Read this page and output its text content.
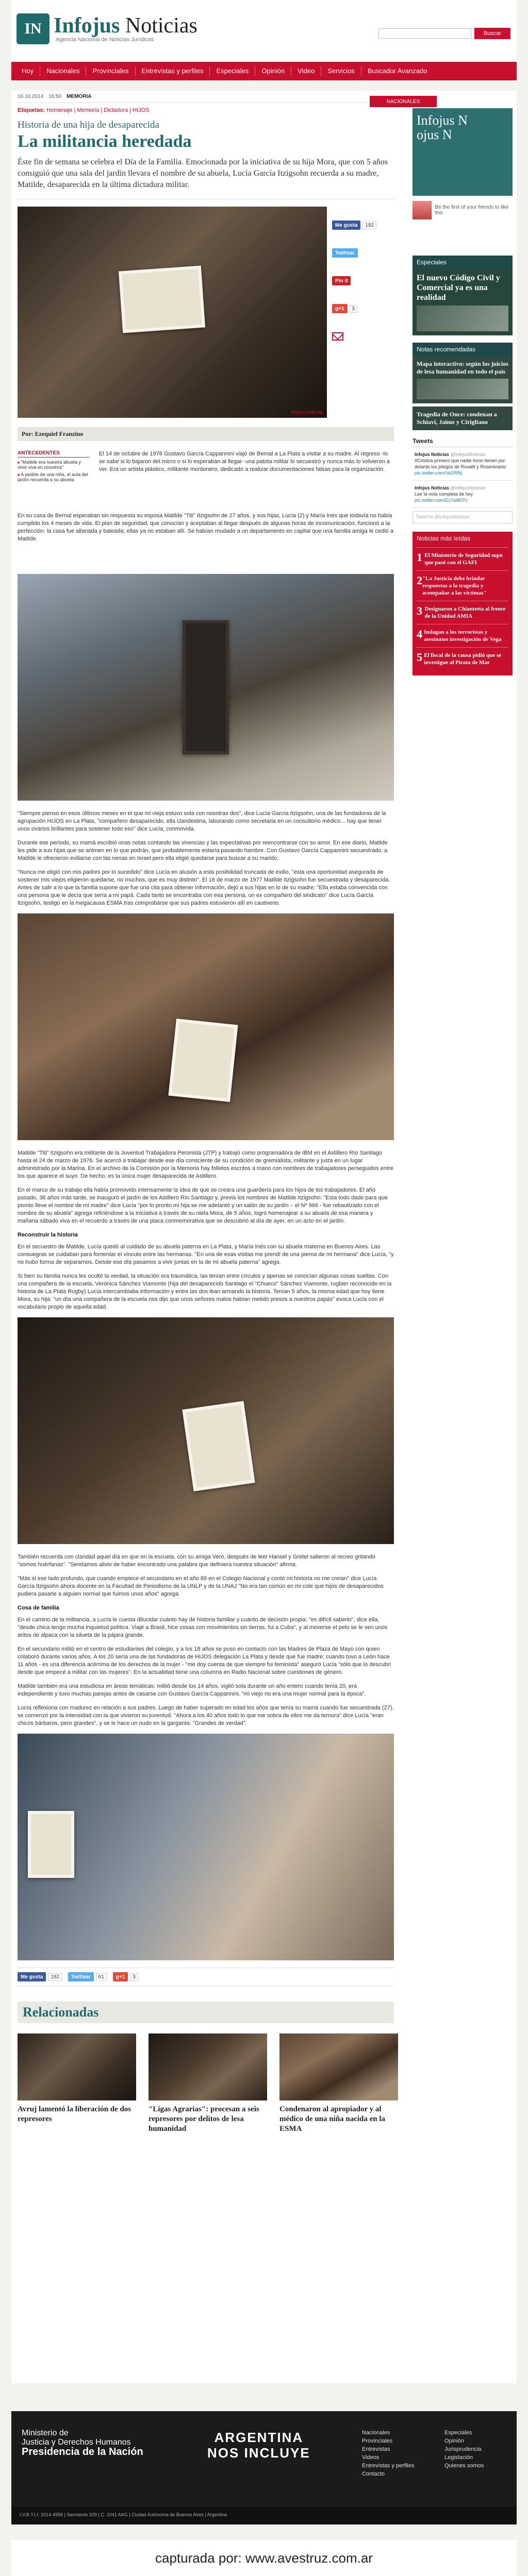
IN Infojus Noticias
Agencia Nacional de Noticias Jurídicas
Buscar
Hoy	Nacionales	Provinciales	Entrevistas y perfiles	Especiales	Opinión	Video	Servicios	Buscador Avanzado
16.10.2014 16:50 MEMORIA
Etiquetas: Homenaje | Memoria | Dictadura | HIJOS
Historia de una hija de desaparecida
La militancia heredada
Éste fin de semana se celebra el Día de la Familia. Emocionada por la iniciativa de su hija Mora, que con 5 años consiguió que una sala del jardín llevara el nombre de su abuela, Lucía García Itzigsohn recuerda a su madre, Matilde, desaparecida en la última dictadura militar.
Infojus Noticias
Me gusta	192
Twittear
Pin it
g+1	3
Por: Ezequiel Franzino
ANTECEDENTES
■ "Matilde era nuestra abuela y vivió viva en nosotros"
■ A pedido de una niña, el aula del jardín recuerda a su abuela

El 14 de octubre de 1976 Gustavo García Cappannini viajó de Bernal a La Plata a visitar a su madre. Al regreso -lo se sabe si lo bajaron del micro o si lo esperaban al llegar- una patota militar lo secuestró y nunca más lo volvieron a ver. Era un artista plástico, militante montonero, dedicado a realizar documentaciones falsas para la organización.

En su casa de Bernal esperaban sin respuesta su esposa Matilde "Titi" Itzigsohn de 27 años, y sus hijas, Lucía (2) y María Inés que todavía no había cumplido los 4 meses de vida. El plan de seguridad, que conocían y aceptaban al llegar después de algunas horas de incomunicación, funcionó a la perfección: la casa fue allanada y baleada; ellas ya no estaban allí. Se habían mudado a un departamento en capital que una familia amiga le cedió a Matilde.

"Siempre pienso en esos últimos meses en el que mi vieja estuvo sola con nosotras dos", dice Lucía García Itzigsohn, una de las fundadoras de la agrupación HIJOS en La Plata, "compañero desaparecido, ella clandestina, laburando como secretaria en un consultorio médico... hay que tener unos ovarios brillantes para sostener todo eso" dice Lucía, conmovida.

Durante ese período, su mamá escribió unas notas contando las vivencias y las expectativas por reencontrarse con su amor. En ese diario, Matilde les pide a sus hijas que se animen en lo que podrán, que probablemente estaría pasando hambre. Con Gustavo García Cappannini secuestrado, a Matilde le ofrecieron exiliarse con las nenas en Israel pero ella eligió quedarse para buscar a su marido.

"Nunca me eligió con mis padres por lo sucedido" dice Lucía en alusión a esta posibilidad truncada de exilio, "esta una oportunidad asegurada de sostener mis viejos eligieron quedarse, no muchos, que es muy distinto". El 16 de marzo de 1977 Matilde Itzigsohn fue secuestrada y desaparecida. Antes de salir a lo que la familia supone que fue una cita para obtener información, dejó a sus hijas en lo de su madre: "Ella estaba convencida con una persona que le decía que sería a mi papá. Cada tanto se encontraba con esa persona, un ex compañero del sindicato" dice Lucía García Itzigsohn, testigo en la megacausa ESMA tras comprobarse que sus padres estuvieron allí en cautiverio.

Matilde "Titi" Itzigsohn era militante de la Juventud Trabajadora Peronista (JTP) y trabajó como programadora de IBM en el Astillero Río Santiago hasta el 24 de marzo de 1976. Se acercó a trabajar desde ese día consciente de su condición de gremialista, militante y justa en un lugar administrado por la Marina. En el archivo de la Comisión por la Memoria hay folletos escritos a mano con nombres de trabajadores perseguidos entre los que aparece el suyo. De hecho, es la única mujer desaparecida de Astillero.

En el marco de su trabajo ella había promovido intensamente la idea de que se creara una guardería para los hijos de los trabajadores. El año pasado, 38 años más tarde, se inauguró el jardín de los Astillero Río Santiago y, previa los nombres de Matilde Itzigsohn: "Esta todo dado para que pronto lleve el nombre de mi madre" dice Lucía "por lo pronto mi hija se me adelantó y un salón de su jardín – el Nº 966 - fue rebautizado con el nombre de su abuela" agrega refiriéndose a la iniciativa a través de su nieta Mora, de 5 años, logró homenajear a su abuela de esa manera y mañana sábado viva en el recuerdo a través de una placa conmemorativa que se descubrió al día de ayer, en un acto en el jardín.

Reconstruir la historia

En el secuestro de Matilde, Lucía quedó al cuidado de su abuela paterna en La Plata, y María Inés con su abuela materna en Buenos Aires. Las consuegras se cuidaban para fomentar el vínculo entre las hermanas. "En una de esas visitas me prendí de una pierna de mi hermana" dice Lucía, "y no hubo forma de separarnos. Desde ese día pasamos a vivir juntas en la de mi abuela paterna" agrega.

Si bien su familia nunca les ocultó la verdad, la situación era traumática, las tenían entre círculos y apenas se conocían algunas cosas sueltas. Con una compañera de la escuela, Verónica Sánchez Viamonte (hija del desaparecido Santiago el "Chueco" Sánchez Viamonte, rugbier reconocido en la historia de La Plata Rugby) Lucía intercambiaba información y entre las dos iban armando la historia. Tenían 5 años, la misma edad que hoy tiene Mora, su hija: "un día una compañera de la escuela nos dijo que unos señores malos habían metido presos a nuestros papás" evoca Lucía con el vocabulario propio de aquella edad.

También recuerda con claridad aquel día en que en la escuela, con su amiga Vero, después de leer Hansel y Gretel salieron al recreo gritando "somos huérfanas". "Sentíamos alivio de haber encontrado una palabra que definiera nuestra situación" afirma.

"Más si ese lado profundo, que cuando empiece el secundario en el año 89 en el Colegio Nacional y contó mi historia no me creían" dice Lucía García Itzigsohn ahora docente en la Facultad de Periodismo de la UNLP y de la UNAJ "No era tan común en mi cole que hijos de desaparecidos pudiera pasarle a alguien normal que fuimos unos años" agrega.

Cosa de familia

En el camino de la militancia, a Lucía le cuesta dilucidar cuánto hay de historia familiar y cuánto de decisión propia: "es difícil saberlo", dice ella, "desde chica tengo mucha inquietud política. Viajé a Brasil, hice cosas con movimientos sin tierras, fui a Cuba", y al moverse el pelo se le ven unos aritos de alpaca con la silueta de la pájara grande.

En el secundario militó en el centro de estudiantes del colegio, y a los 18 años se puso en contacto con las Madres de Plaza de Mayo con quien colaboró durante varios años. A los 20 sería una de las fundadoras de HIJOS delegación La Plata y desde que fue madre: cuando tuvo a León hace 11 años - es una diferencia acérrima de los derechos de la mujer - "me doy cuenta de que siempre fui feminista" aseguró Lucía "sólo que lo descubrí desde que empecé a militar con las mujeres". En la actualidad tiene una columna en Radio Nacional sobre cuestiones de género.

Matilde también era una estudiosa en áreas temáticas: militó desde los 14 años, vigiló sola durante un año entero cuando tenía 20, era independiente y tuvo muchas parejas antes de casarse con Gustavo García Cappannini. "mi viejo no era una mujer normal para la época".

Lucía reflexiona con madurez en relación a sus padres. Luego de haber superado en edad los años que tenía su mamá cuando fue secuestrada (27), se comenzó por la intensidad con la que vivieron su juventud. "Ahora a los 40 años todo lo que me sobra de ellos me da ternura" dice Lucía "eran chicos bárbaros, pero grandes", y se le hace un nudo en la garganta: "Grandes de verdad".

Me gusta 192	Twittear 61	g+1 3
Relacionadas
Avruj lamentó la liberación de dos represores
"Ligas Agrarias": procesan a seis represores por delitos de lesa humanidad
Condenaron al apropiador y al médico de una niña nacida en la ESMA
NACIONALES
Infojus N
ojus N
Be the first of your friends to like this
Especiales
El nuevo Código Civil y Comercial ya es una realidad
Notas recomendadas
Mapa interactivo: según los juicios de lesa humanidad en todo el país
Tragedia de Once: condenan a Schiavi, Jaime y Cirigliano
Tweets
Infojus Noticias @InfojusNoticias
#Cristina primero que nadie tomo tienen por delante los pliegos de Rosatti y Rosenkrantz
pic.twitter.com/Va1RRlj
Infojus Noticias @InfojusNoticias
Lee la nota completa de hoy
pic.twitter.com/Ez7w8EPz
Tweet to @InfojusNoticias
Noticias más leídas
1 El Ministerio de Seguridad supo que pasó con el GAFI
2 "La Justicia debe brindar respuestas a la tragedia y acompañar a las víctimas"
3 Designaron a Chiantetta al frente de la Unidad AMIA
4 Indagan a los terroristas y asesinatos investigación de Vega
5 El fiscal de la causa pidió que se investigue al Pirata de Mar
Ministerio de
Justicia y Derechos Humanos
Presidencia de la Nación
ARGENTINA
NOS INCLUYE
Nacionales
Provinciales
Entrevistas
Videos
Entrevistas y perfiles
Contacto
Especiales
Opinión
Jurisprudencia
Legislación
Quienes somos
I.V.B.Y.I.I: 2014-4956 | Sarmiento 329 | C. 1041 AAG | Ciudad Autónoma de Buenos Aires | Argentina
capturada por: www.avestruz.com.ar
